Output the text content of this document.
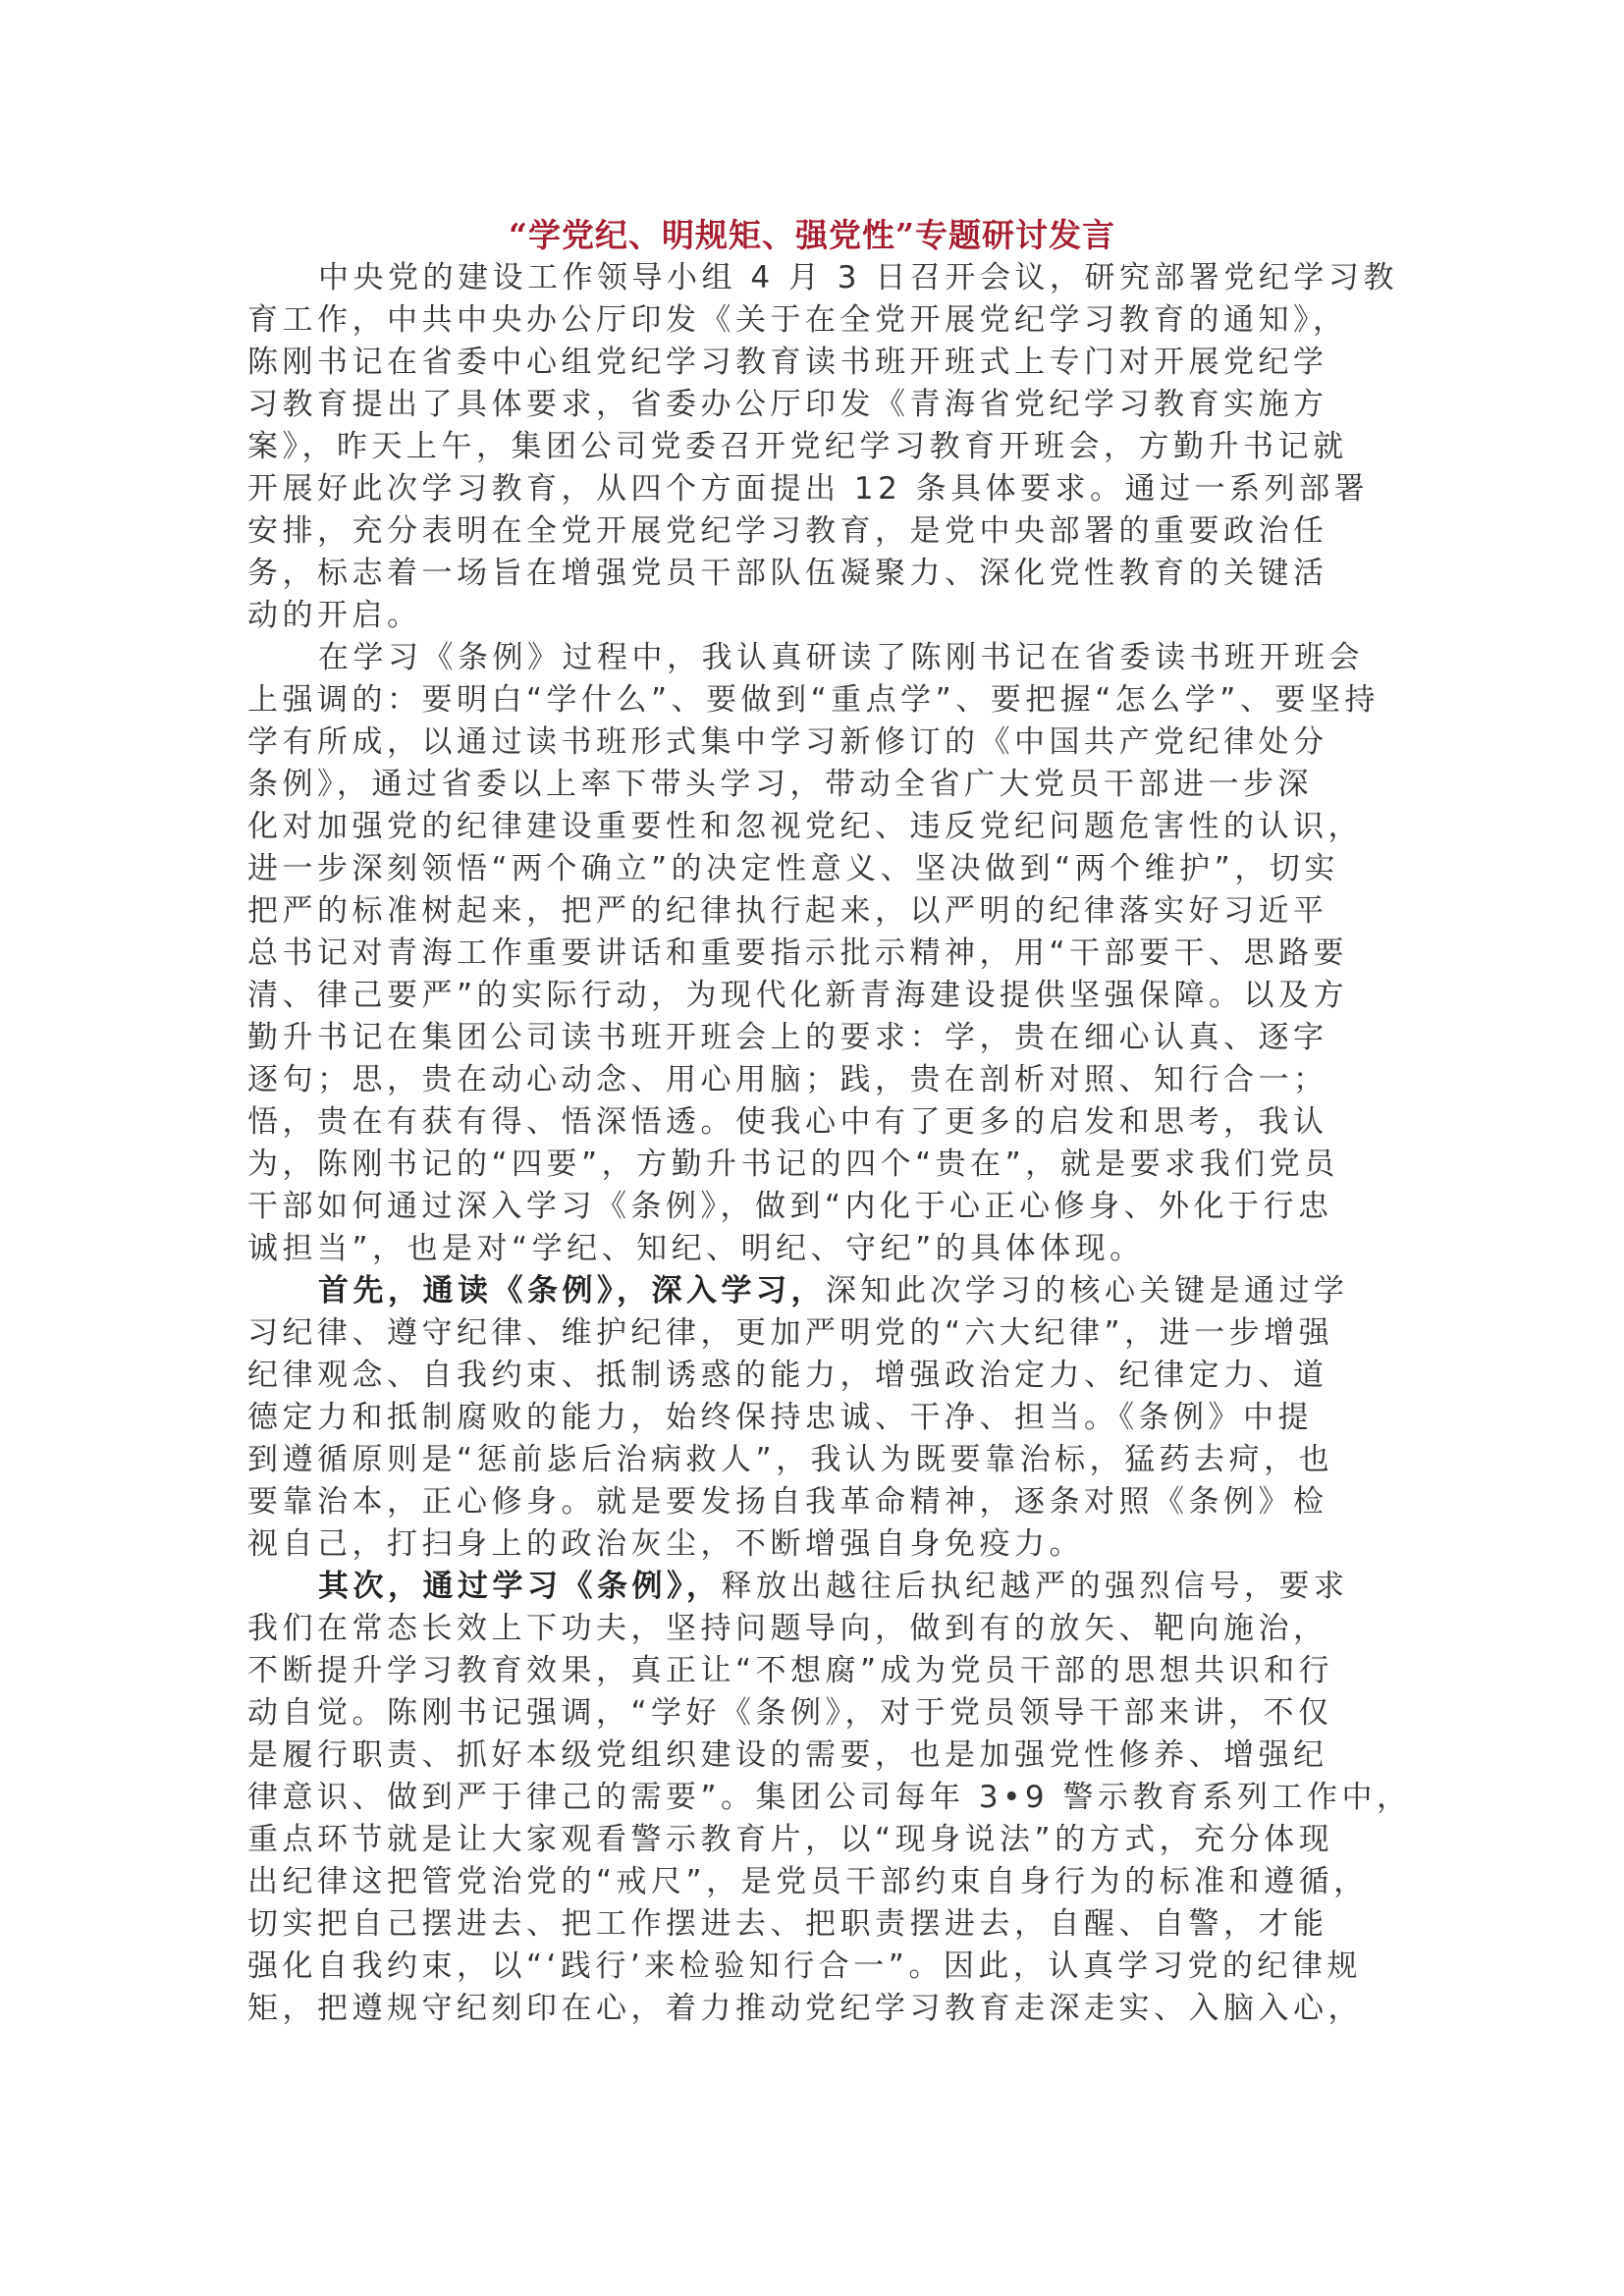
“学党纪、明规矩、强党性”专题研讨发言
中央党的建设工作领导小组 4 月 3 日召开会议，研究部署党纪学习教
育工作，中共中央办公厅印发《关于在全党开展党纪学习教育的通知》，
陈刚书记在省委中心组党纪学习教育读书班开班式上专门对开展党纪学
习教育提出了具体要求，省委办公厅印发《青海省党纪学习教育实施方
案》，昨天上午，集团公司党委召开党纪学习教育开班会，方勤升书记就
开展好此次学习教育，从四个方面提出 12 条具体要求。通过一系列部署
安排，充分表明在全党开展党纪学习教育，是党中央部署的重要政治任
务，标志着一场旨在增强党员干部队伍凝聚力、深化党性教育的关键活
动的开启。
在学习《条例》过程中，我认真研读了陈刚书记在省委读书班开班会
上强调的：要明白“学什么”、要做到“重点学”、要把握“怎么学”、要坚持
学有所成，以通过读书班形式集中学习新修订的《中国共产党纪律处分
条例》，通过省委以上率下带头学习，带动全省广大党员干部进一步深
化对加强党的纪律建设重要性和忽视党纪、违反党纪问题危害性的认识，
进一步深刻领悟“两个确立”的决定性意义、坚决做到“两个维护”，切实
把严的标准树起来，把严的纪律执行起来，以严明的纪律落实好习近平
总书记对青海工作重要讲话和重要指示批示精神，用“干部要干、思路要
清、律己要严”的实际行动，为现代化新青海建设提供坚强保障。以及方
勤升书记在集团公司读书班开班会上的要求：学，贵在细心认真、逐字
逐句；思，贵在动心动念、用心用脑；践，贵在剖析对照、知行合一；
悟，贵在有获有得、悟深悟透。使我心中有了更多的启发和思考，我认
为，陈刚书记的“四要”，方勤升书记的四个“贵在”，就是要求我们党员
干部如何通过深入学习《条例》，做到“内化于心正心修身、外化于行忠
诚担当”，也是对“学纪、知纪、明纪、守纪”的具体体现。
首先，通读《条例》，深入学习，深知此次学习的核心关键是通过学
习纪律、遵守纪律、维护纪律，更加严明党的“六大纪律”，进一步增强
纪律观念、自我约束、抵制诱惑的能力，增强政治定力、纪律定力、道
德定力和抵制腐败的能力，始终保持忠诚、干净、担当。《条例》中提
到遵循原则是“惩前毖后治病救人”，我认为既要靠治标，猛药去疴，也
要靠治本，正心修身。就是要发扬自我革命精神，逐条对照《条例》检
视自己，打扫身上的政治灰尘，不断增强自身免疫力。
其次，通过学习《条例》，释放出越往后执纪越严的强烈信号，要求
我们在常态长效上下功夫，坚持问题导向，做到有的放矢、靶向施治，
不断提升学习教育效果，真正让“不想腐”成为党员干部的思想共识和行
动自觉。陈刚书记强调，“学好《条例》，对于党员领导干部来讲，不仅
是履行职责、抓好本级党组织建设的需要，也是加强党性修养、增强纪
律意识、做到严于律己的需要”。集团公司每年 3•9 警示教育系列工作中，
重点环节就是让大家观看警示教育片，以“现身说法”的方式，充分体现
出纪律这把管党治党的“戒尺”，是党员干部约束自身行为的标准和遵循，
切实把自己摆进去、把工作摆进去、把职责摆进去，自醒、自警，才能
强化自我约束，以“‘践行’来检验知行合一”。因此，认真学习党的纪律规
矩，把遵规守纪刻印在心，着力推动党纪学习教育走深走实、入脑入心，
